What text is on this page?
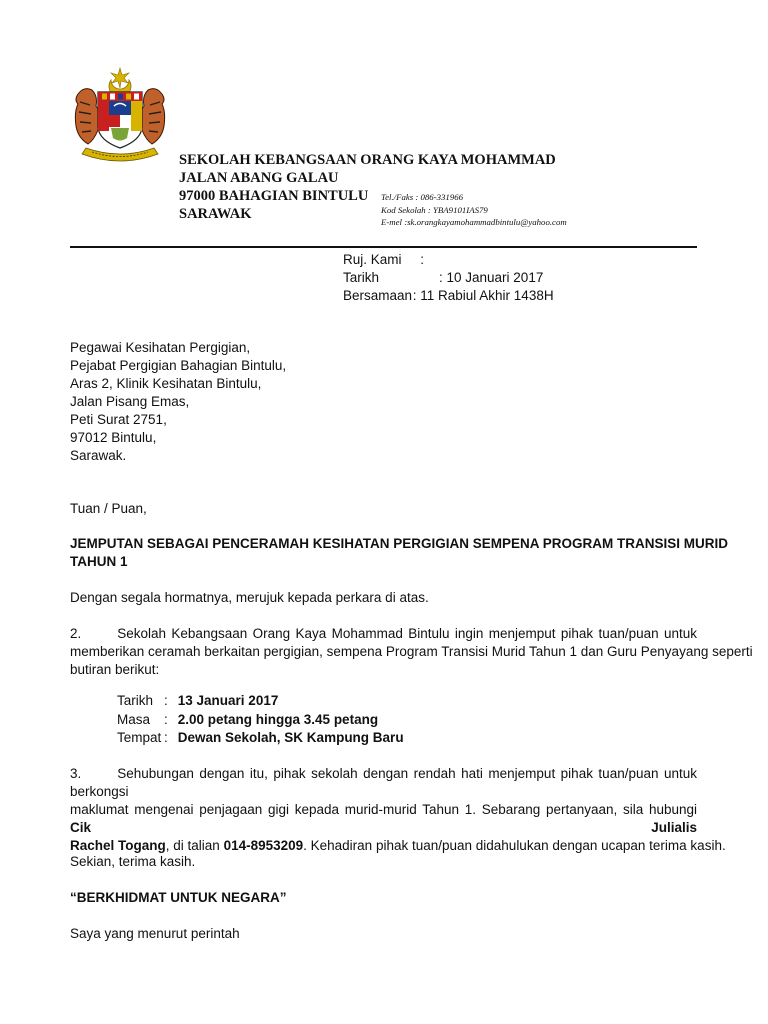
SEKOLAH KEBANGSAAN ORANG KAYA MOHAMMAD
JALAN ABANG GALAU
97000 BAHAGIAN BINTULU
SARAWAK
Tel./Faks : 086-331966
Kod Sekolah : YBA9101IAS79
E-mel :sk.orangkayamohammadbintulu@yahoo.com
Ruj. Kami   :
Tarikh        : 10 Januari 2017
Bersamaan : 11 Rabiul Akhir 1438H
Pegawai Kesihatan Pergigian,
Pejabat Pergigian Bahagian Bintulu,
Aras 2, Klinik Kesihatan Bintulu,
Jalan Pisang Emas,
Peti Surat 2751,
97012 Bintulu,
Sarawak.
Tuan / Puan,
JEMPUTAN SEBAGAI PENCERAMAH KESIHATAN PERGIGIAN SEMPENA PROGRAM TRANSISI MURID
TAHUN 1
Dengan segala hormatnya, merujuk kepada perkara di atas.

2.	Sekolah Kebangsaan Orang Kaya Mohammad Bintulu ingin menjemput pihak tuan/puan untuk

memberikan ceramah berkaitan pergigian, sempena Program Transisi Murid Tahun 1 dan Guru Penyayang seperti

butiran berikut:

Tarikh : 13 Januari 2017
Masa : 2.00 petang hingga 3.45 petang
Tempat : Dewan Sekolah, SK Kampung Baru

3.	Sehubungan dengan itu, pihak sekolah dengan rendah hati menjemput pihak tuan/puan untuk berkongsi

maklumat mengenai penjagaan gigi kepada murid-murid Tahun 1. Sebarang pertanyaan, sila hubungi Cik Julialis

Rachel Togang, di talian 014-8953209. Kehadiran pihak tuan/puan didahulukan dengan ucapan terima kasih.

Sekian, terima kasih.
“BERKHIDMAT UNTUK NEGARA”
Saya yang menurut perintah
